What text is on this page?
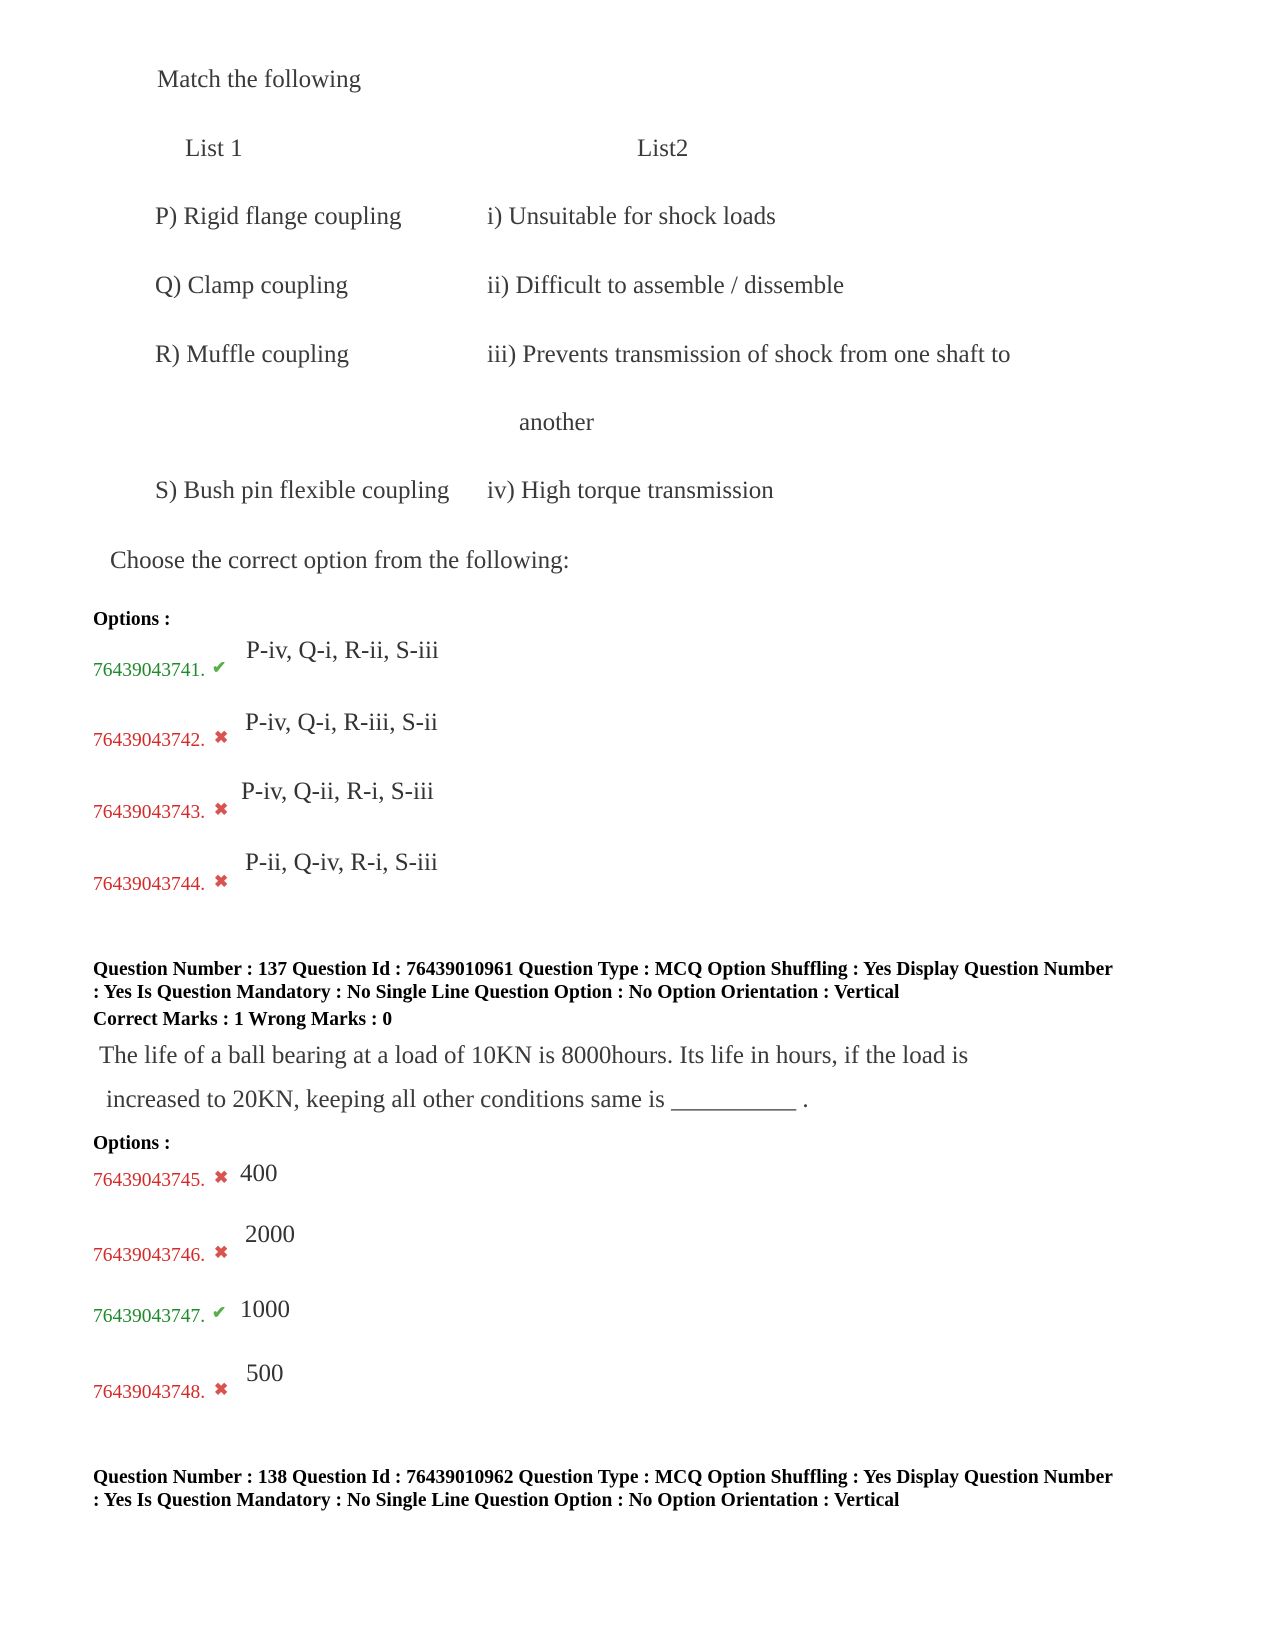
Match the following
List 1	List2
P) Rigid flange coupling	i) Unsuitable for shock loads
Q) Clamp coupling	ii) Difficult to assemble / dissemble
R) Muffle coupling	iii) Prevents transmission of shock from one shaft to
another
S) Bush pin flexible coupling iv) High torque transmission
Choose the correct option from the following:
Options :
76439043741. ✔
P-iv, Q-i, R-ii, S-iii
76439043742. ✖
P-iv, Q-i, R-iii, S-ii
76439043743. ✖
P-iv, Q-ii, R-i, S-iii
76439043744. ✖
P-ii, Q-iv, R-i, S-iii
Question Number : 137 Question Id : 76439010961 Question Type : MCQ Option Shuffling : Yes Display Question Number
: Yes Is Question Mandatory : No Single Line Question Option : No Option Orientation : Vertical
Correct Marks : 1 Wrong Marks : 0
The life of a ball bearing at a load of 10KN is 8000hours. Its life in hours, if the load is
increased to 20KN, keeping all other conditions same is __________ .
Options :
76439043745. ✖ 400
76439043746. ✖
2000
76439043747. ✔ 1000
76439043748. ✖
500
Question Number : 138 Question Id : 76439010962 Question Type : MCQ Option Shuffling : Yes Display Question Number
: Yes Is Question Mandatory : No Single Line Question Option : No Option Orientation : Vertical
